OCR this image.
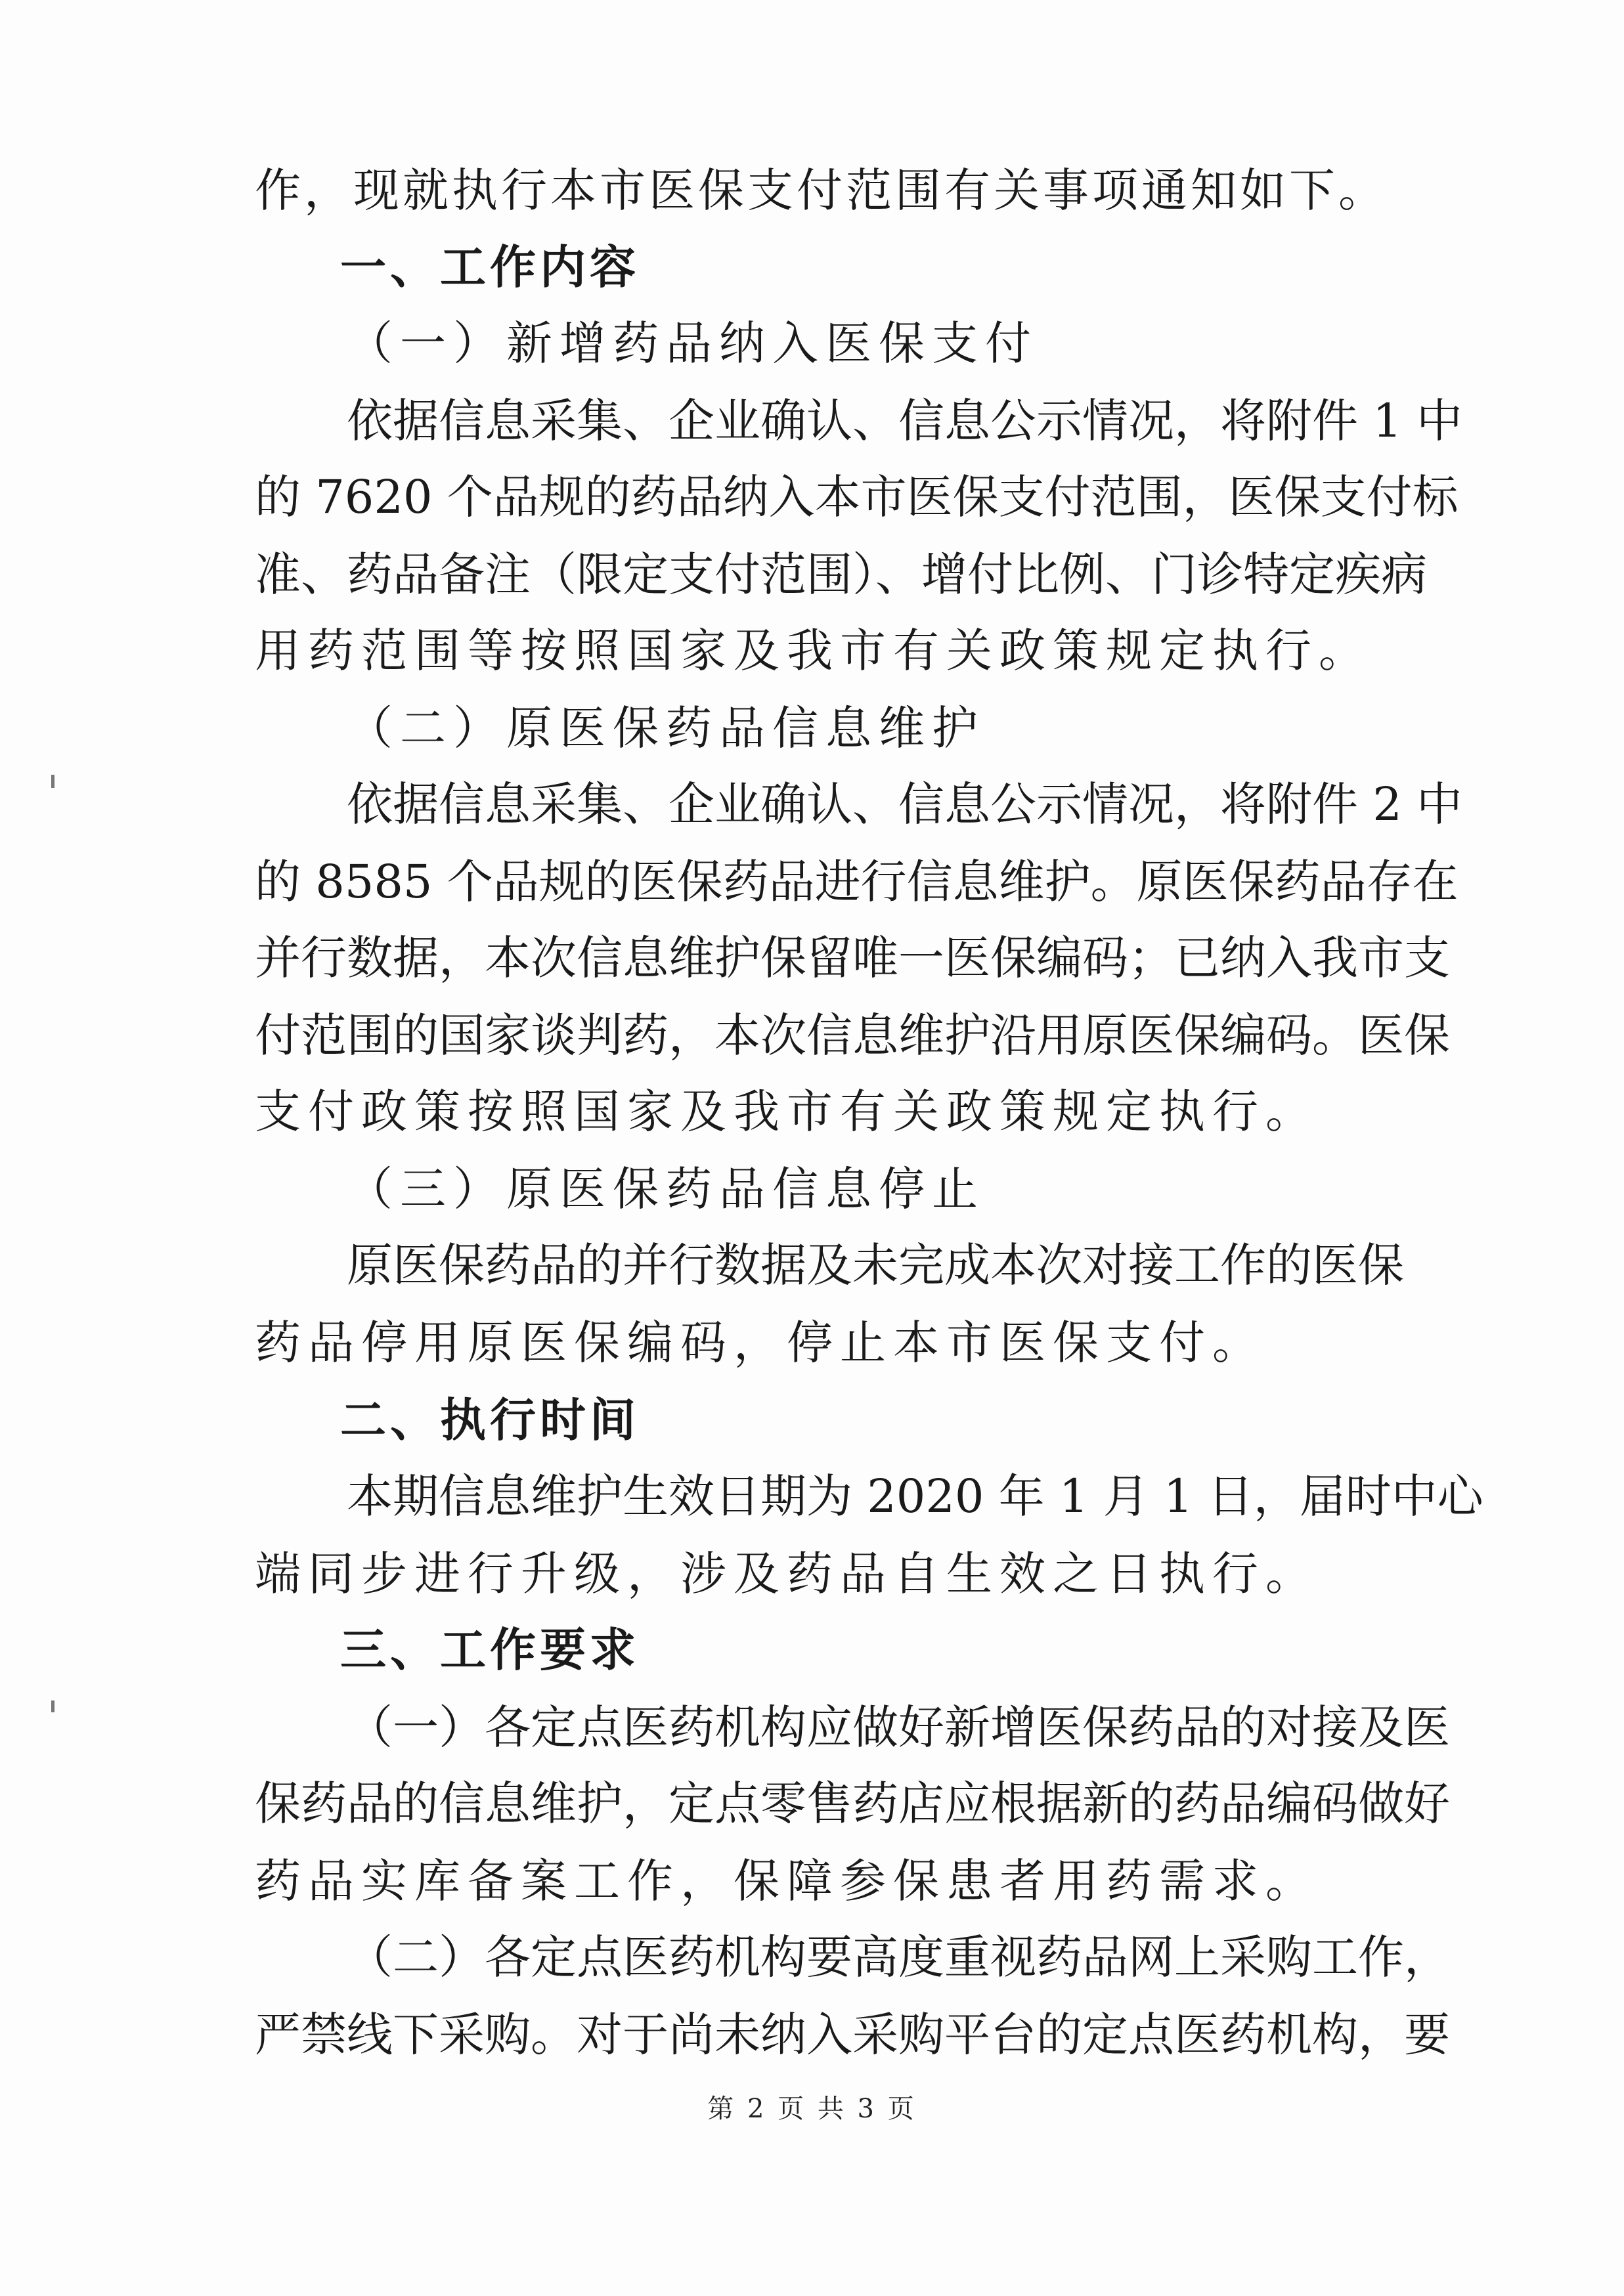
作，现就执行本市医保支付范围有关事项通知如下。
一、工作内容
（一）新增药品纳入医保支付
依据信息采集、企业确认、信息公示情况，将附件 1 中
的 7620 个品规的药品纳入本市医保支付范围，医保支付标
准、药品备注（限定支付范围）、增付比例、门诊特定疾病
用药范围等按照国家及我市有关政策规定执行。
（二）原医保药品信息维护
依据信息采集、企业确认、信息公示情况，将附件 2 中
的 8585 个品规的医保药品进行信息维护。原医保药品存在
并行数据，本次信息维护保留唯一医保编码；已纳入我市支
付范围的国家谈判药，本次信息维护沿用原医保编码。医保
支付政策按照国家及我市有关政策规定执行。
（三）原医保药品信息停止
原医保药品的并行数据及未完成本次对接工作的医保
药品停用原医保编码，停止本市医保支付。
二、执行时间
本期信息维护生效日期为 2020 年 1 月 1 日，届时中心
端同步进行升级，涉及药品自生效之日执行。
三、工作要求
（一）各定点医药机构应做好新增医保药品的对接及医
保药品的信息维护，定点零售药店应根据新的药品编码做好
药品实库备案工作，保障参保患者用药需求。
（二）各定点医药机构要高度重视药品网上采购工作，
严禁线下采购。对于尚未纳入采购平台的定点医药机构，要
第 2 页 共 3 页
